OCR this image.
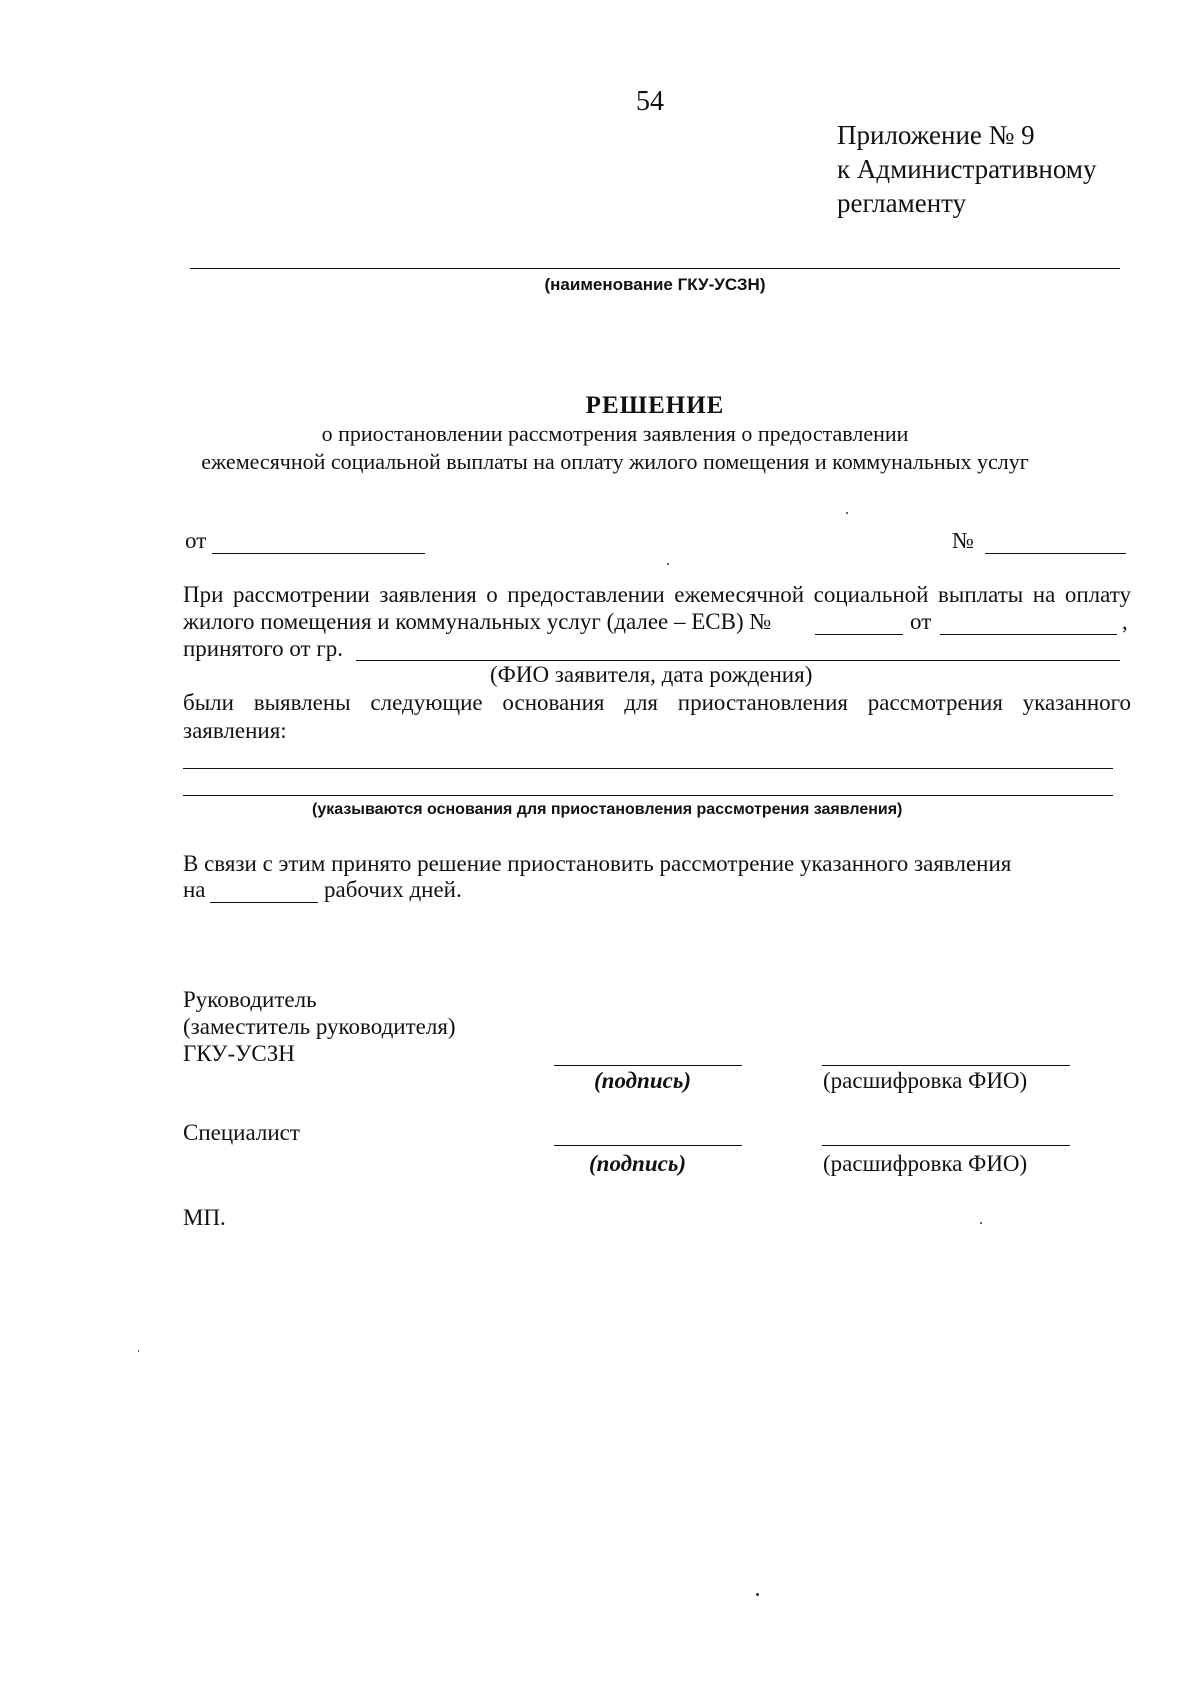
54
Приложение № 9
к Административному
регламенту
(наименование ГКУ-УСЗН)
РЕШЕНИЕ
о приостановлении рассмотрения заявления о предоставлении
ежемесячной социальной выплаты на оплату жилого помещения и коммунальных услуг
от	№
При рассмотрении заявления о предоставлении ежемесячной социальной выплаты на оплату
жилого помещения и коммунальных услуг (далее – ЕСВ) №	от	,
принятого от гр.
(ФИО заявителя, дата рождения)
были выявлены следующие основания для приостановления рассмотрения указанного
заявления:
(указываются основания для приостановления рассмотрения заявления)
В связи с этим принято решение приостановить рассмотрение указанного заявления
на	рабочих дней.
Руководитель
(заместитель руководителя)
ГКУ-УСЗН
(подпись)	(расшифровка ФИО)
Специалист
(подпись)	(расшифровка ФИО)
МП.
